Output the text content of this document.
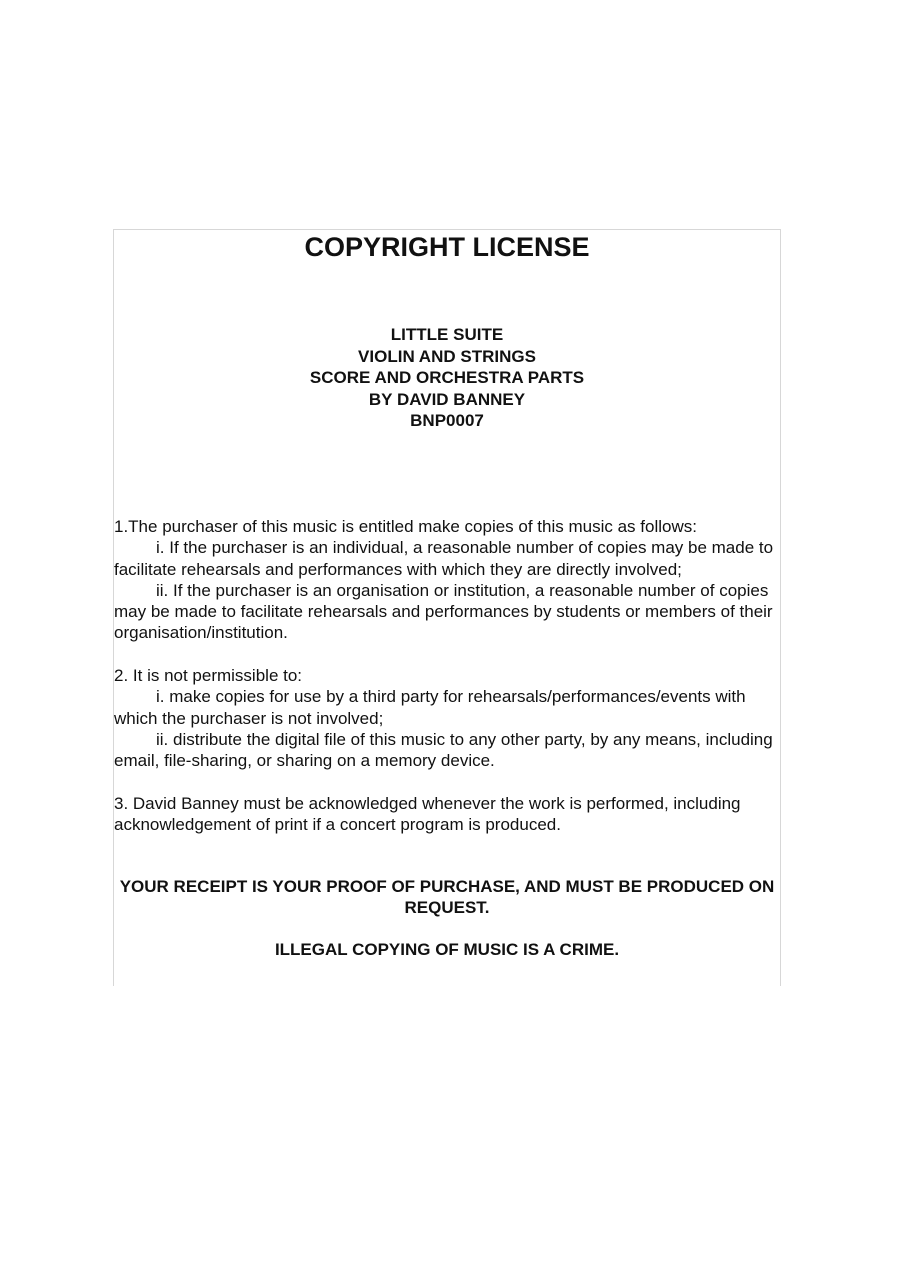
COPYRIGHT LICENSE
LITTLE SUITE
VIOLIN AND STRINGS
SCORE AND ORCHESTRA PARTS
BY DAVID BANNEY
BNP0007

1.The purchaser of this music is entitled make copies of this music as follows:

i. If the purchaser is an individual, a reasonable number of copies may be made to facilitate rehearsals and performances with which they are directly involved;

ii. If the purchaser is an organisation or institution, a reasonable number of copies may be made to facilitate rehearsals and performances by students or members of their organisation/institution.

2. It is not permissible to:

i. make copies for use by a third party for rehearsals/performances/events with which the purchaser is not involved;

ii. distribute the digital file of this music to any other party, by any means, including email, file-sharing, or sharing on a memory device.

3. David Banney must be acknowledged whenever the work is performed, including acknowledgement of print if a concert program is produced.

YOUR RECEIPT IS YOUR PROOF OF PURCHASE, AND MUST BE PRODUCED ON REQUEST.

ILLEGAL COPYING OF MUSIC IS A CRIME.
